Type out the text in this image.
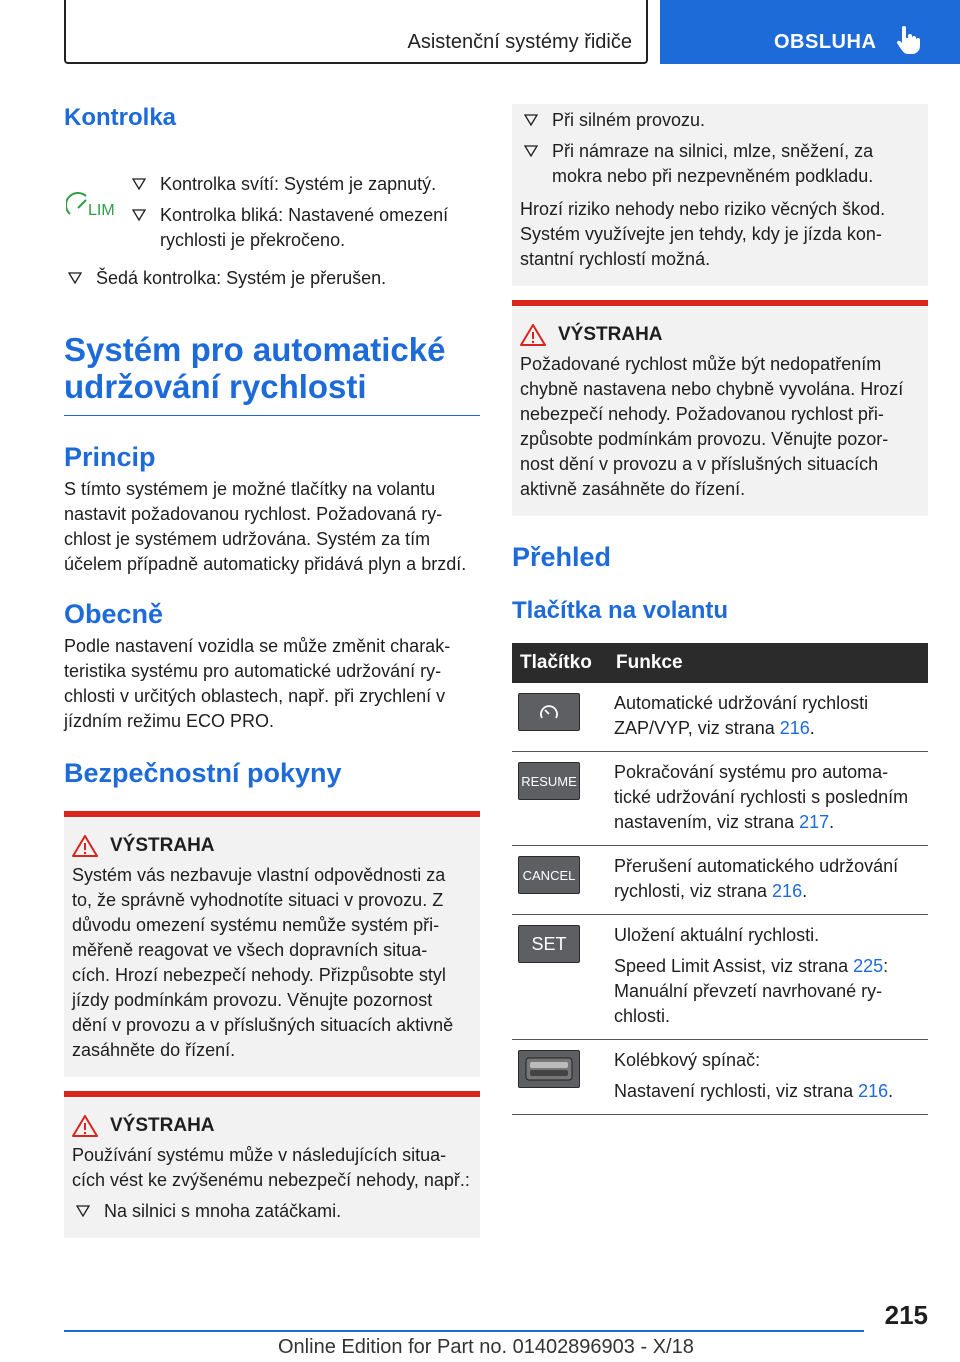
Asistenční systémy řidiče	OBSLUHA
Kontrolka
LIM
Kontrolka svítí: Systém je zapnutý.
Kontrolka bliká: Nastavené omezení rychlosti je překročeno.
Šedá kontrolka: Systém je přerušen.
Systém pro automatické udržování rychlosti
Princip

S tímto systémem je možné tlačítky na volantu nastavit požadovanou rychlost. Požadovaná ry- chlost je systémem udržována. Systém za tím účelem případně automaticky přidává plyn a brzdí.

Obecně

Podle nastavení vozidla se může změnit charak- teristika systému pro automatické udržování ry- chlosti v určitých oblastech, např. při zrychlení v jízdním režimu ECO PRO.

Bezpečnostní pokyny
VÝSTRAHA

Systém vás nezbavuje vlastní odpovědnosti za to, že správně vyhodnotíte situaci v provozu. Z důvodu omezení systému nemůže systém při- měřeně reagovat ve všech dopravních situa- cích. Hrozí nebezpečí nehody. Přizpůsobte styl jízdy podmínkám provozu. Věnujte pozornost dění v provozu a v příslušných situacích aktivně zasáhněte do řízení.

VÝSTRAHA

Používání systému může v následujících situa- cích vést ke zvýšenému nebezpečí nehody, např.:

Na silnici s mnoha zatáčkami.
Při silném provozu.
Při námraze na silnici, mlze, sněžení, za mokra nebo při nezpevněném podkladu.

Hrozí riziko nehody nebo riziko věcných škod. Systém využívejte jen tehdy, kdy je jízda kon- stantní rychlostí možná.

VÝSTRAHA

Požadované rychlost může být nedopatřením chybně nastavena nebo chybně vyvolána. Hrozí nebezpečí nehody. Požadovanou rychlost při- způsobte podmínkám provozu. Věnujte pozor- nost dění v provozu a v příslušných situacích aktivně zasáhněte do řízení.

Přehled
Tlačítka na volantu
Tlačítko	Funkce

	Automatické udržování rychlosti ZAP/VYP, viz strana 216.

RESUME	Pokračování systému pro automa- tické udržování rychlosti s posledním nastavením, viz strana 217.

CANCEL	Přerušení automatického udržování rychlosti, viz strana 216.

SET	Uložení aktuální rychlosti.
Speed Limit Assist, viz strana 225:
Manuální převzetí navrhované ry- chlosti.

Kolébkový spínač:
Nastavení rychlosti, viz strana 216.
215
Online Edition for Part no. 01402896903 - X/18
